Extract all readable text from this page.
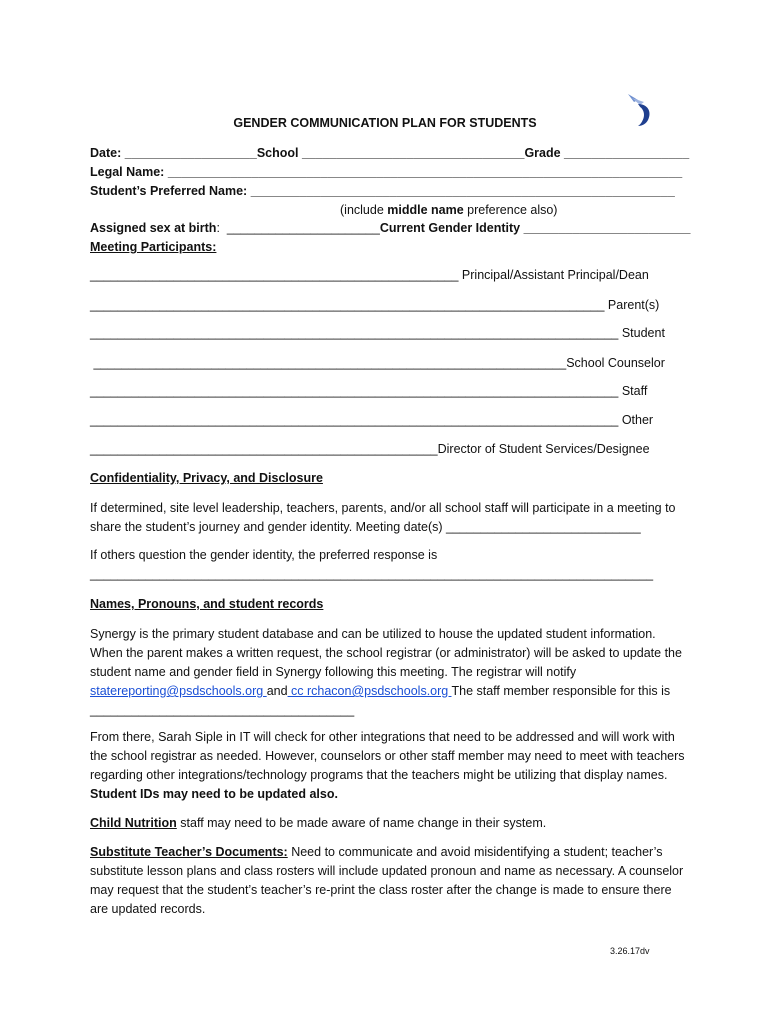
GENDER COMMUNICATION PLAN FOR STUDENTS
Date: ___________________School ________________________________Grade __________________
Legal Name: __________________________________________________________________________
Student’s Preferred Name: _____________________________________________________________
(include middle name preference also)
Assigned sex at birth:  ______________________Current Gender Identity ________________________
Meeting Participants:
_____________________________________________________ Principal/Assistant Principal/Dean
__________________________________________________________________________ Parent(s)
____________________________________________________________________________ Student
____________________________________________________________________School Counselor
____________________________________________________________________________ Staff
____________________________________________________________________________ Other
__________________________________________________Director of Student Services/Designee
Confidentiality, Privacy, and Disclosure
If determined, site level leadership, teachers, parents, and/or all school staff will participate in a meeting to share the student’s journey and gender identity. Meeting date(s) ____________________________
If others question the gender identity, the preferred response is
_________________________________________________________________________________
Names, Pronouns, and student records
Synergy is the primary student database and can be utilized to house the updated student information. When the parent makes a written request, the school registrar (or administrator) will be asked to update the student name and gender field in Synergy following this meeting. The registrar will notify statereporting@psdschools.org and cc rchacon@psdschools.org The staff member responsible for this is ______________________________________
From there, Sarah Siple in IT will check for other integrations that need to be addressed and will work with the school registrar as needed. However, counselors or other staff member may need to meet with teachers regarding other integrations/technology programs that the teachers might be utilizing that display names. Student IDs may need to be updated also.
Child Nutrition staff may need to be made aware of name change in their system.
Substitute Teacher’s Documents: Need to communicate and avoid misidentifying a student; teacher’s substitute lesson plans and class rosters will include updated pronoun and name as necessary. A counselor may request that the student’s teacher’s re-print the class roster after the change is made to ensure there are updated records.
3.26.17dv
